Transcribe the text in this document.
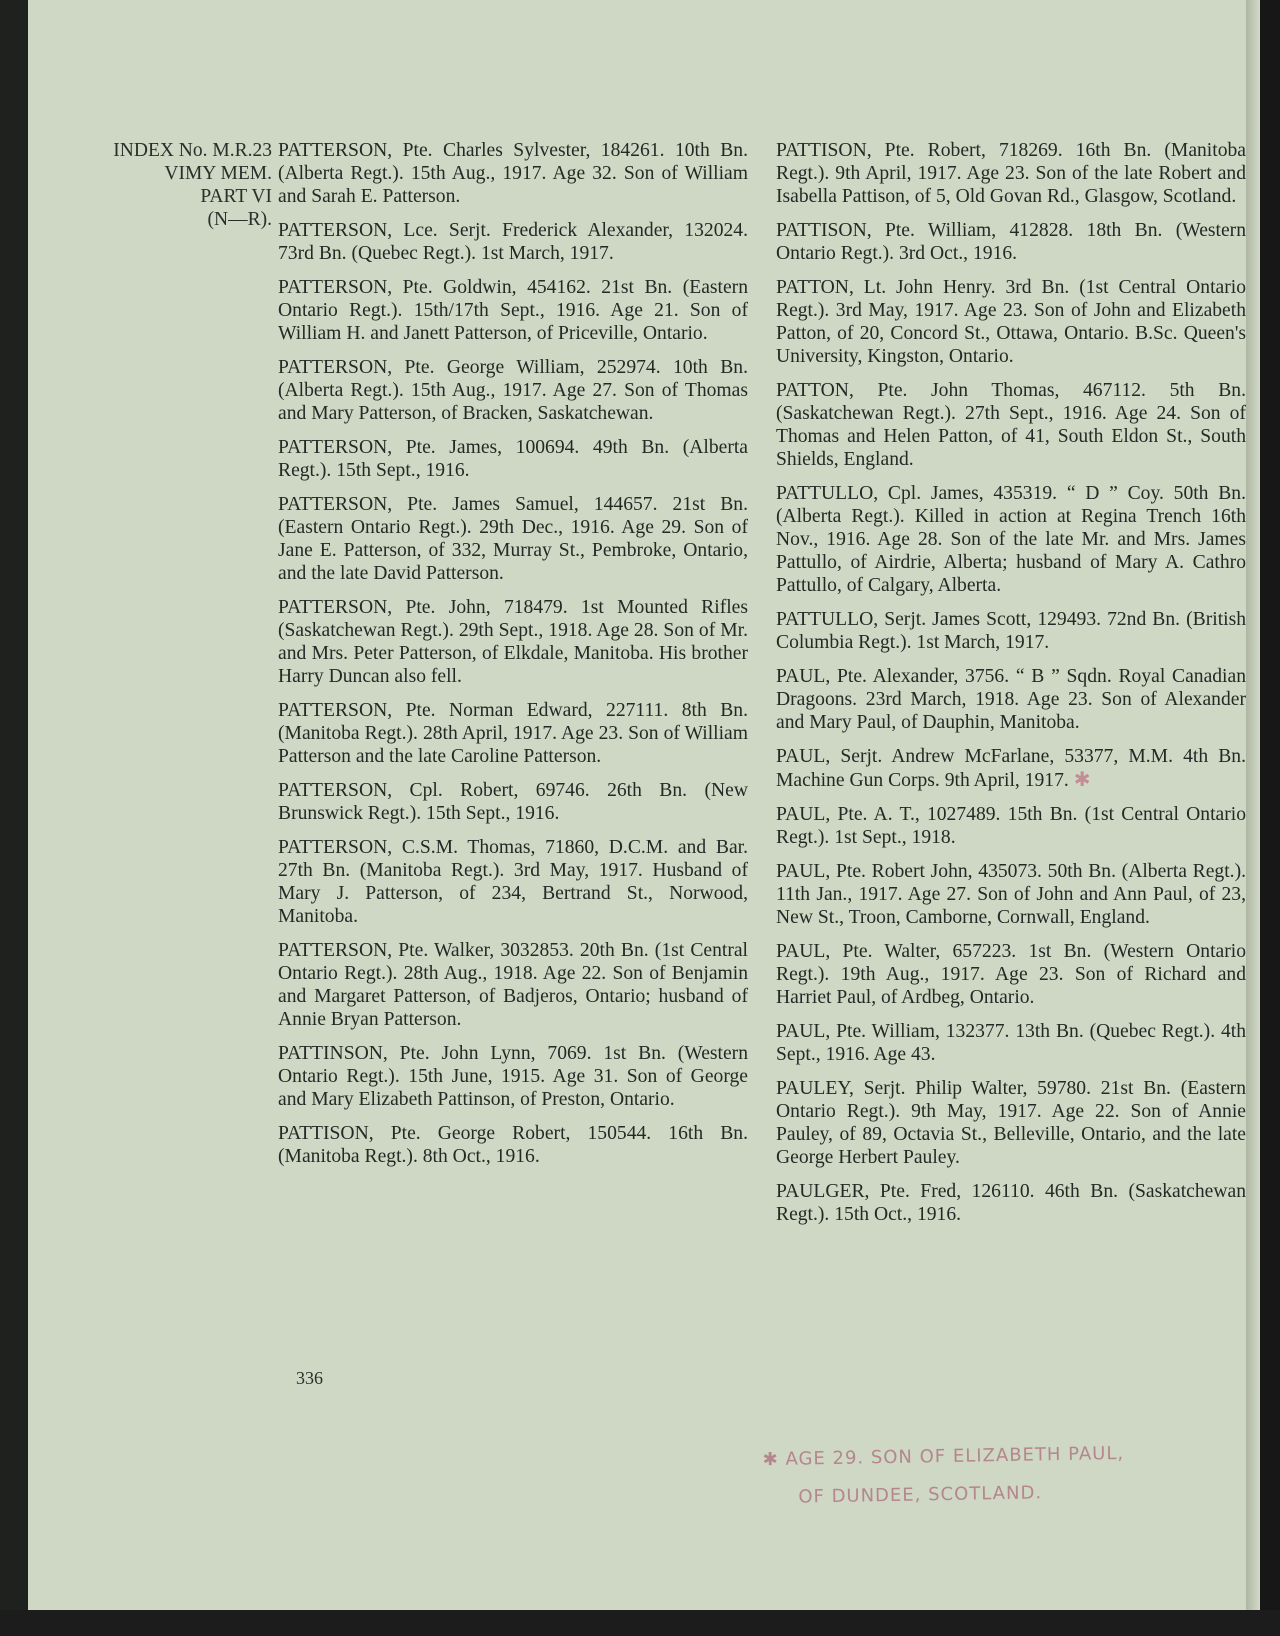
INDEX No. M.R.23
VIMY MEM.
PART VI
(N—R).

PATTERSON, Pte. Charles Sylvester, 184261. 10th Bn. (Alberta Regt.). 15th Aug., 1917. Age 32. Son of William and Sarah E. Patterson.

PATTERSON, Lce. Serjt. Frederick Alexander, 132024. 73rd Bn. (Quebec Regt.). 1st March, 1917.

PATTERSON, Pte. Goldwin, 454162. 21st Bn. (Eastern Ontario Regt.). 15th/17th Sept., 1916. Age 21. Son of William H. and Janett Patterson, of Priceville, Ontario.

PATTERSON, Pte. George William, 252974. 10th Bn. (Alberta Regt.). 15th Aug., 1917. Age 27. Son of Thomas and Mary Patterson, of Bracken, Saskatchewan.

PATTERSON, Pte. James, 100694. 49th Bn. (Alberta Regt.). 15th Sept., 1916.

PATTERSON, Pte. James Samuel, 144657. 21st Bn. (Eastern Ontario Regt.). 29th Dec., 1916. Age 29. Son of Jane E. Patterson, of 332, Murray St., Pembroke, Ontario, and the late David Patterson.

PATTERSON, Pte. John, 718479. 1st Mounted Rifles (Saskatchewan Regt.). 29th Sept., 1918. Age 28. Son of Mr. and Mrs. Peter Patterson, of Elkdale, Manitoba. His brother Harry Duncan also fell.

PATTERSON, Pte. Norman Edward, 227111. 8th Bn. (Manitoba Regt.). 28th April, 1917. Age 23. Son of William Patterson and the late Caroline Patterson.

PATTERSON, Cpl. Robert, 69746. 26th Bn. (New Brunswick Regt.). 15th Sept., 1916.

PATTERSON, C.S.M. Thomas, 71860, D.C.M. and Bar. 27th Bn. (Manitoba Regt.). 3rd May, 1917. Husband of Mary J. Patterson, of 234, Bertrand St., Norwood, Manitoba.

PATTERSON, Pte. Walker, 3032853. 20th Bn. (1st Central Ontario Regt.). 28th Aug., 1918. Age 22. Son of Benjamin and Margaret Patterson, of Badjeros, Ontario; husband of Annie Bryan Patterson.

PATTINSON, Pte. John Lynn, 7069. 1st Bn. (Western Ontario Regt.). 15th June, 1915. Age 31. Son of George and Mary Elizabeth Pattinson, of Preston, Ontario.

PATTISON, Pte. George Robert, 150544. 16th Bn. (Manitoba Regt.). 8th Oct., 1916.

PATTISON, Pte. Robert, 718269. 16th Bn. (Manitoba Regt.). 9th April, 1917. Age 23. Son of the late Robert and Isabella Pattison, of 5, Old Govan Rd., Glasgow, Scotland.

PATTISON, Pte. William, 412828. 18th Bn. (Western Ontario Regt.). 3rd Oct., 1916.

PATTON, Lt. John Henry. 3rd Bn. (1st Central Ontario Regt.). 3rd May, 1917. Age 23. Son of John and Elizabeth Patton, of 20, Concord St., Ottawa, Ontario. B.Sc. Queen's University, Kingston, Ontario.

PATTON, Pte. John Thomas, 467112. 5th Bn. (Saskatchewan Regt.). 27th Sept., 1916. Age 24. Son of Thomas and Helen Patton, of 41, South Eldon St., South Shields, England.

PATTULLO, Cpl. James, 435319. “ D ” Coy. 50th Bn. (Alberta Regt.). Killed in action at Regina Trench 16th Nov., 1916. Age 28. Son of the late Mr. and Mrs. James Pattullo, of Airdrie, Alberta; husband of Mary A. Cathro Pattullo, of Calgary, Alberta.

PATTULLO, Serjt. James Scott, 129493. 72nd Bn. (British Columbia Regt.). 1st March, 1917.

PAUL, Pte. Alexander, 3756. “ B ” Sqdn. Royal Canadian Dragoons. 23rd March, 1918. Age 23. Son of Alexander and Mary Paul, of Dauphin, Manitoba.

PAUL, Serjt. Andrew McFarlane, 53377, M.M. 4th Bn. Machine Gun Corps. 9th April, 1917. ✱

PAUL, Pte. A. T., 1027489. 15th Bn. (1st Central Ontario Regt.). 1st Sept., 1918.

PAUL, Pte. Robert John, 435073. 50th Bn. (Alberta Regt.). 11th Jan., 1917. Age 27. Son of John and Ann Paul, of 23, New St., Troon, Camborne, Cornwall, England.

PAUL, Pte. Walter, 657223. 1st Bn. (Western Ontario Regt.). 19th Aug., 1917. Age 23. Son of Richard and Harriet Paul, of Ardbeg, Ontario.

PAUL, Pte. William, 132377. 13th Bn. (Quebec Regt.). 4th Sept., 1916. Age 43.

PAULEY, Serjt. Philip Walter, 59780. 21st Bn. (Eastern Ontario Regt.). 9th May, 1917. Age 22. Son of Annie Pauley, of 89, Octavia St., Belleville, Ontario, and the late George Herbert Pauley.

PAULGER, Pte. Fred, 126110. 46th Bn. (Saskatchewan Regt.). 15th Oct., 1916.

336
✱ AGE 29. SON OF ELIZABETH PAUL,
OF DUNDEE, SCOTLAND.
